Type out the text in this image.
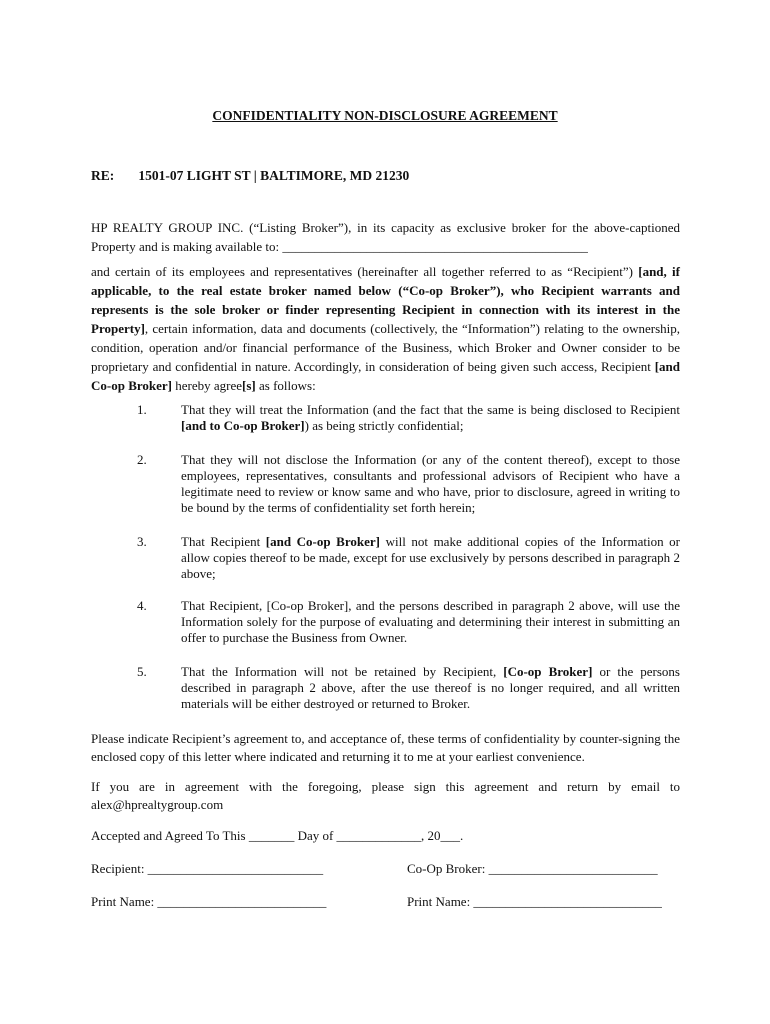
CONFIDENTIALITY NON-DISCLOSURE AGREEMENT
RE: 1501-07 LIGHT ST | BALTIMORE, MD 21230
HP REALTY GROUP INC. (“Listing Broker”), in its capacity as exclusive broker for the above-captioned Property and is making available to: _______________________________________________
and certain of its employees and representatives (hereinafter all together referred to as “Recipient”) [and, if applicable, to the real estate broker named below (“Co-op Broker”), who Recipient warrants and represents is the sole broker or finder representing Recipient in connection with its interest in the Property], certain information, data and documents (collectively, the “Information”) relating to the ownership, condition, operation and/or financial performance of the Business, which Broker and Owner consider to be proprietary and confidential in nature. Accordingly, in consideration of being given such access, Recipient [and Co-op Broker] hereby agree[s] as follows:
1.	That they will treat the Information (and the fact that the same is being disclosed to Recipient [and to Co-op Broker]) as being strictly confidential;
2.	That they will not disclose the Information (or any of the content thereof), except to those employees, representatives, consultants and professional advisors of Recipient who have a legitimate need to review or know same and who have, prior to disclosure, agreed in writing to be bound by the terms of confidentiality set forth herein;
3.	That Recipient [and Co-op Broker] will not make additional copies of the Information or allow copies thereof to be made, except for use exclusively by persons described in paragraph 2 above;
4.	That Recipient, [Co-op Broker], and the persons described in paragraph 2 above, will use the Information solely for the purpose of evaluating and determining their interest in submitting an offer to purchase the Business from Owner.
5.	That the Information will not be retained by Recipient, [Co-op Broker] or the persons described in paragraph 2 above, after the use thereof is no longer required, and all written materials will be either destroyed or returned to Broker.
Please indicate Recipient’s agreement to, and acceptance of, these terms of confidentiality by counter-signing the enclosed copy of this letter where indicated and returning it to me at your earliest convenience.
If you are in agreement with the foregoing, please sign this agreement and return by email to alex@hprealtygroup.com
Accepted and Agreed To This _______ Day of _____________, 20___.
Recipient: ___________________________	Co-Op Broker: __________________________
Print Name: __________________________	Print Name: _____________________________
